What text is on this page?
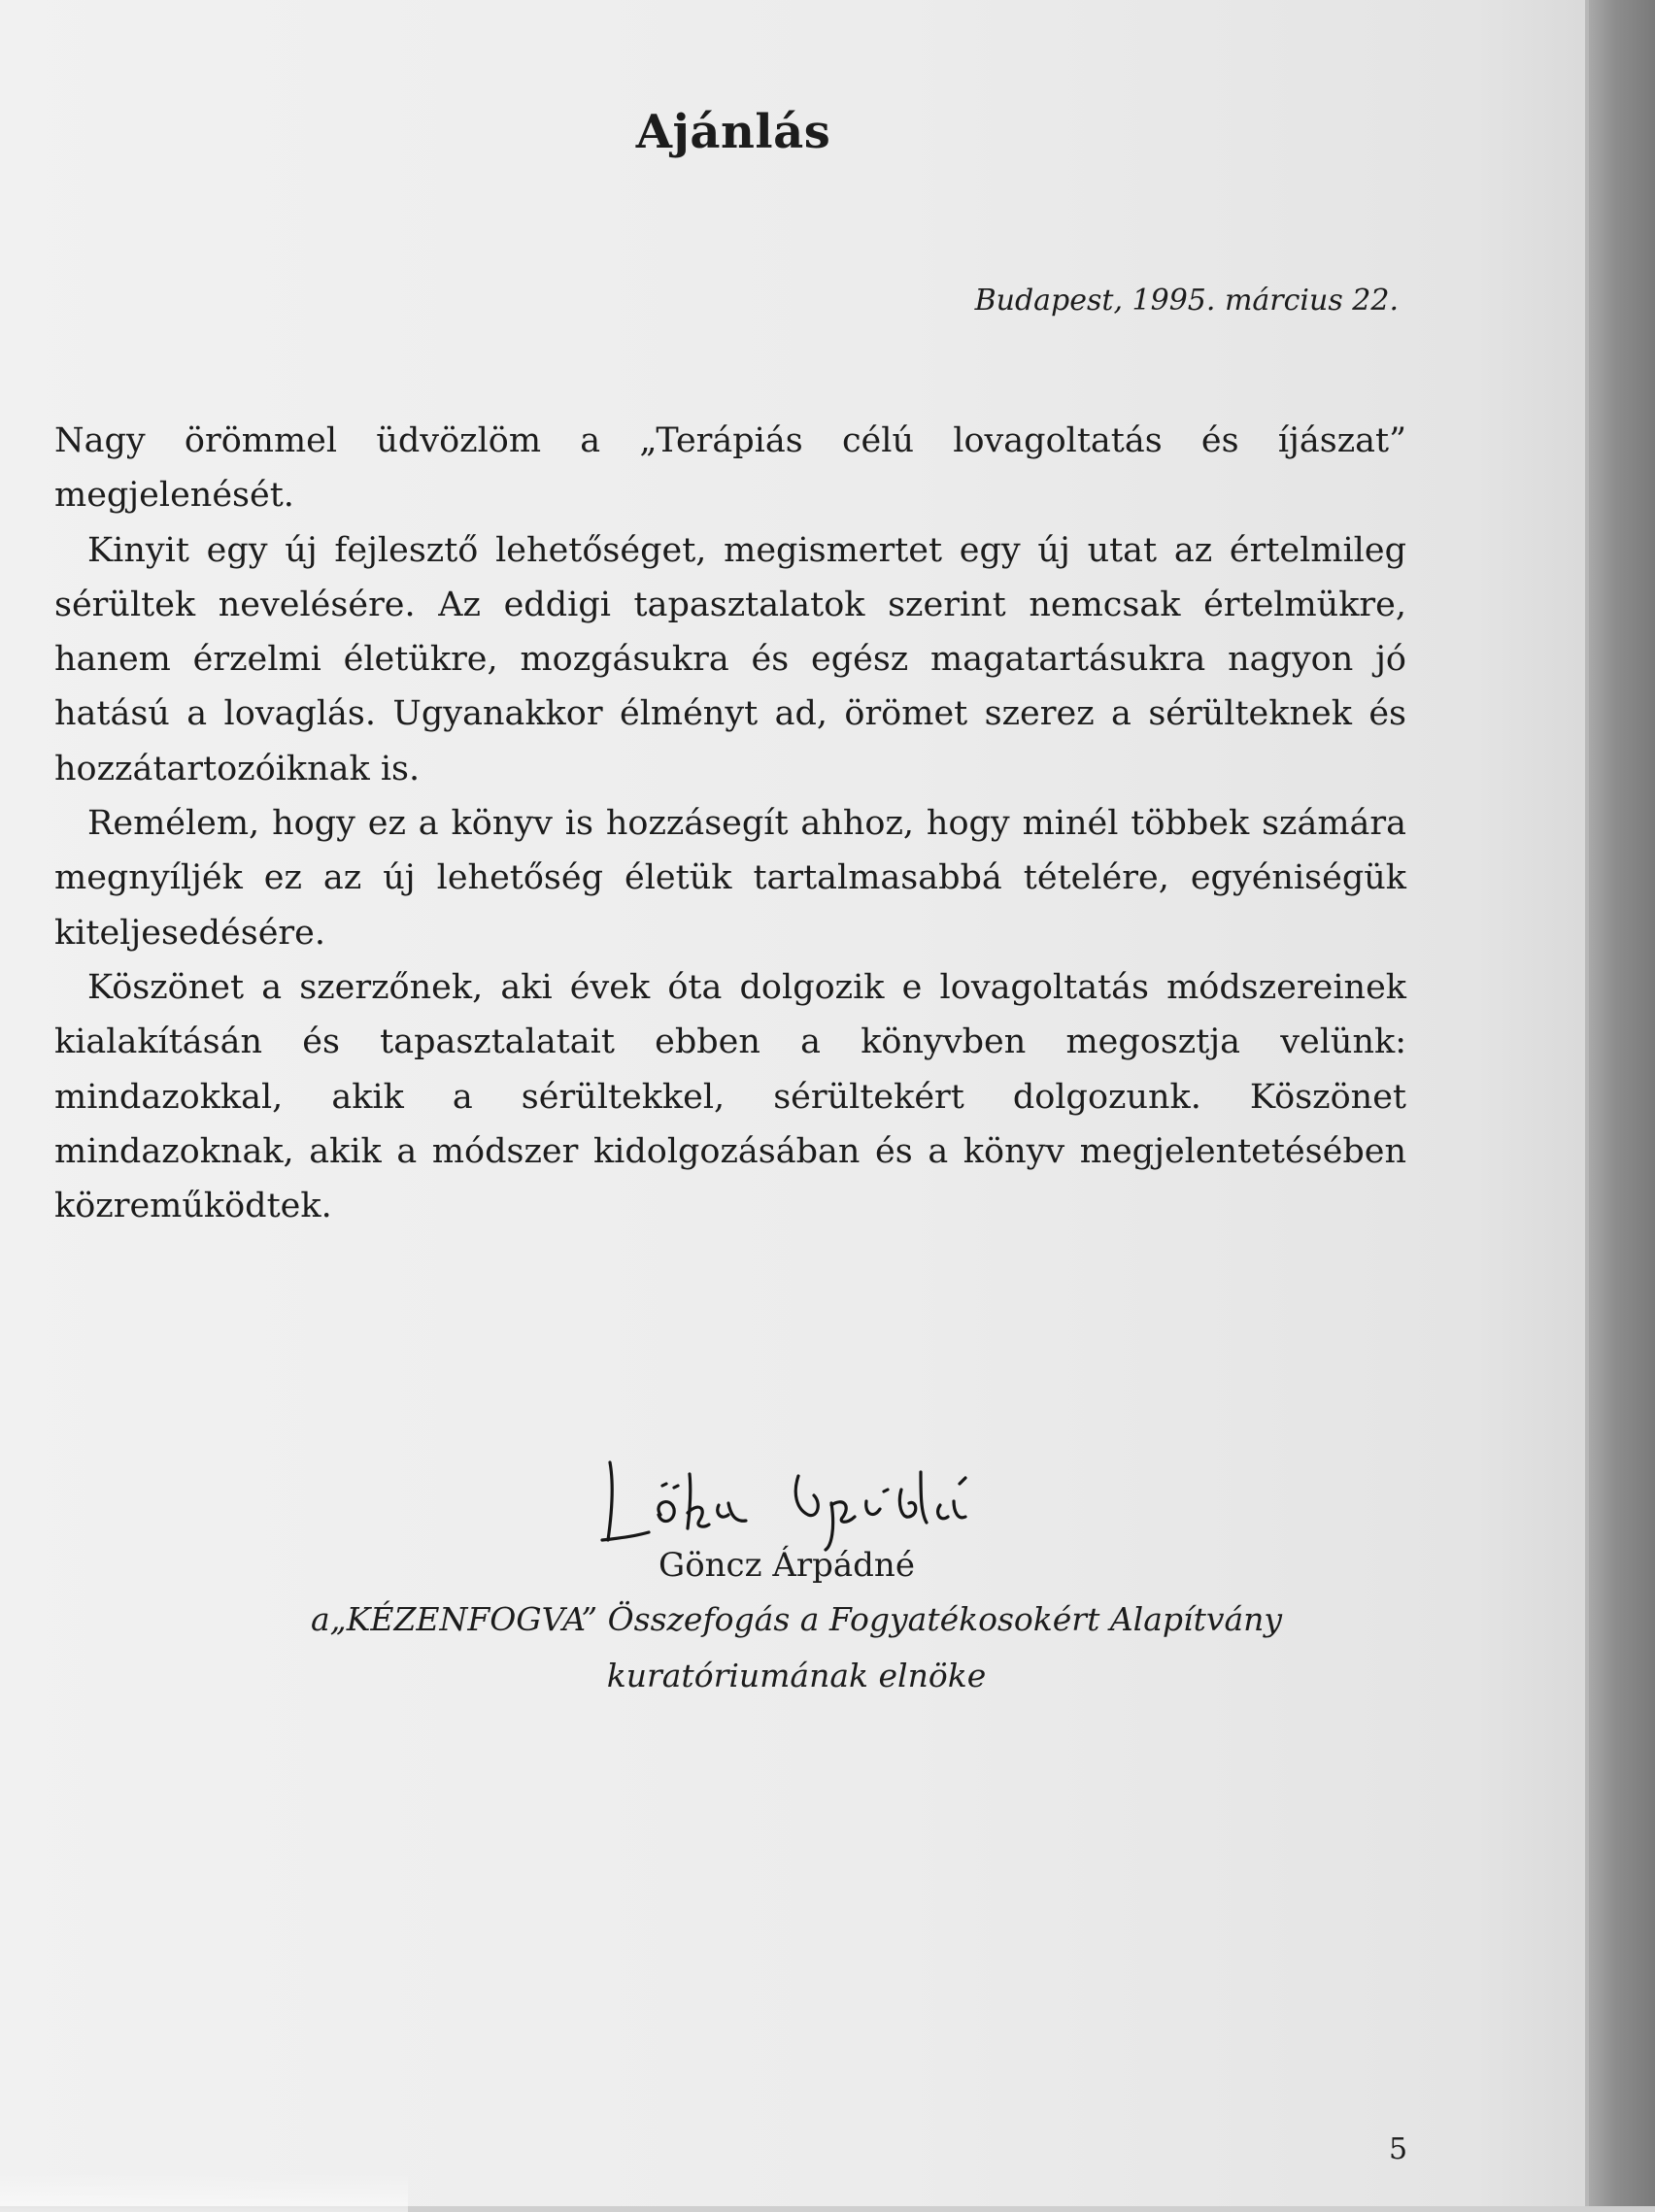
Ajánlás
Budapest, 1995. március 22.

Nagy örömmel üdvözlöm a „Terápiás célú lovagoltatás és íjászat” megjelenését.

Kinyit egy új fejlesztő lehetőséget, megismertet egy új utat az értelmileg sérültek nevelésére. Az eddigi tapasztalatok szerint nemcsak értelmükre, hanem érzelmi életükre, mozgásukra és egész magatartásukra nagyon jó hatású a lovaglás. Ugyanakkor élményt ad, örömet szerez a sérülteknek és hozzátartozóiknak is.

Remélem, hogy ez a könyv is hozzásegít ahhoz, hogy minél többek számára megnyíljék ez az új lehetőség életük tartalmasabbá tételére, egyéniségük kiteljesedésére.

Köszönet a szerzőnek, aki évek óta dolgozik e lovagoltatás módszereinek kialakításán és tapasztalatait ebben a könyvben megosztja velünk: mindazokkal, akik a sérültekkel, sérültekért dolgozunk. Köszönet mindazoknak, akik a módszer kidolgozásában és a könyv megjelentetésében közreműködtek.

Göncz Árpádné
a„KÉZENFOGVA” Összefogás a Fogyatékosokért Alapítvány
kuratóriumának elnöke
5
